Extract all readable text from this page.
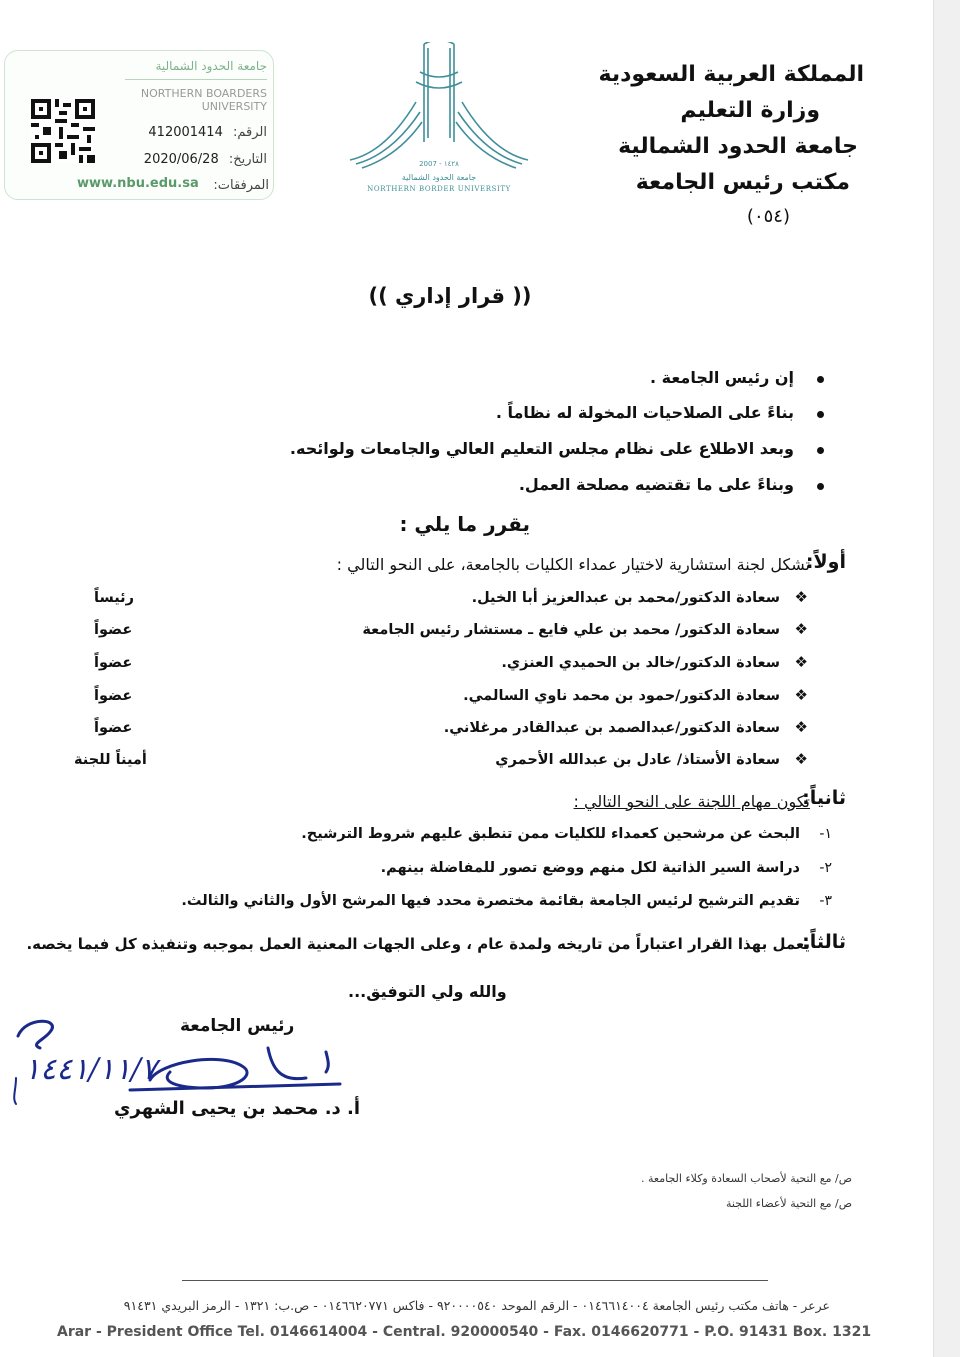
المملكة العربية السعودية
وزارة التعليم
جامعة الحدود الشمالية
مكتب رئيس الجامعة
(٠٥٤)
2007 - ١٤٢٨
جامعة الحدود الشمالية
NORTHERN BORDER UNIVERSITY
جامعة الحدود الشمالية
NORTHERN BOARDERS
UNIVERSITY
الرقم: 412001414
التاريخ: 2020/06/28
المرفقات:
www.nbu.edu.sa
(( قرار إداري ))
إن رئيس الجامعة .
بناءً على الصلاحيات المخولة له نظاماً .
وبعد الاطلاع على نظام مجلس التعليم العالي والجامعات ولوائحه.
وبناءً على ما تقتضيه مصلحة العمل.
يقرر ما يلي :
أولاً:
تشكل لجنة استشارية لاختيار عمداء الكليات بالجامعة، على النحو التالي :
❖
سعادة الدكتور/محمد بن عبدالعزيز أبا الخيل.
رئيساً
❖
سعادة الدكتور/ محمد بن علي فايع ـ مستشار رئيس الجامعة
عضواً
❖
سعادة الدكتور/خالد بن الحميدي العنزي.
عضواً
❖
سعادة الدكتور/حمود بن محمد ناوي السالمي.
عضواً
❖
سعادة الدكتور/عبدالصمد بن عبدالقادر مرغلاني.
عضواً
❖
سعادة الأستاذ/ عادل بن عبدالله الأحمري
أميناً للجنة
ثانياً:
تكون مهام اللجنة على النحو التالي :
١-
البحث عن مرشحين كعمداء للكليات ممن تنطبق عليهم شروط الترشيح.
٢-
دراسة السير الذاتية لكل منهم ووضع تصور للمفاضلة بينهم.
٣-
تقديم الترشيح لرئيس الجامعة بقائمة مختصرة محدد فيها المرشح الأول والثاني والثالث.
ثالثاً:
يعمل بهذا القرار اعتباراً من تاريخه ولمدة عام ، وعلى الجهات المعنية العمل بموجبه وتنفيذه كل فيما يخصه.
والله ولي التوفيق...
رئيس الجامعة
أ. د. محمد بن يحيى الشهري
١٤٤١/١١/٧
ص/ مع التحية لأصحاب السعادة وكلاء الجامعة .
ص/ مع التحية لأعضاء اللجنة
عرعر - هاتف مكتب رئيس الجامعة ٠١٤٦٦١٤٠٠٤ - الرقم الموحد ٩٢٠٠٠٠٥٤٠ - فاكس ٠١٤٦٦٢٠٧٧١ - ص.ب: ١٣٢١ - الرمز البريدي ٩١٤٣١
Arar - President Office Tel. 0146614004 - Central. 920000540 - Fax. 0146620771 - P.O. 91431 Box. 1321
